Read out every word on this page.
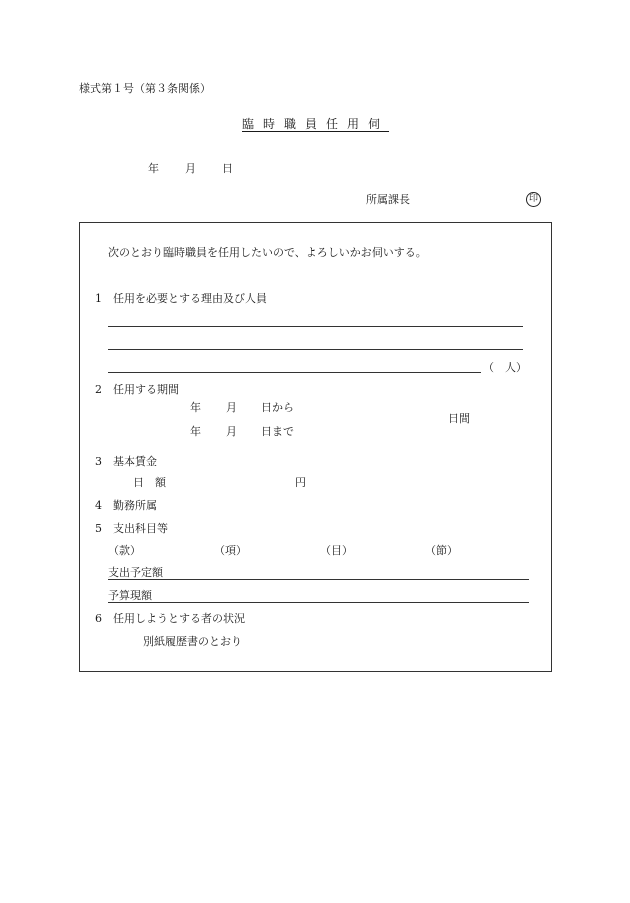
様式第１号（第３条関係）
臨時職員任用伺
年 月 日
所属課長	印
次のとおり臨時職員を任用したいので、よろしいかお伺いする。
1 任用を必要とする理由及び人員
（　人）
2 任用する期間
年 月 日から
年 月 日まで
日間
3 基本賃金
日　額	円
4 勤務所属
5 支出科目等
（款）	（項）	（目）	（節）
支出予定額
予算現額
6 任用しようとする者の状況
別紙履歴書のとおり
